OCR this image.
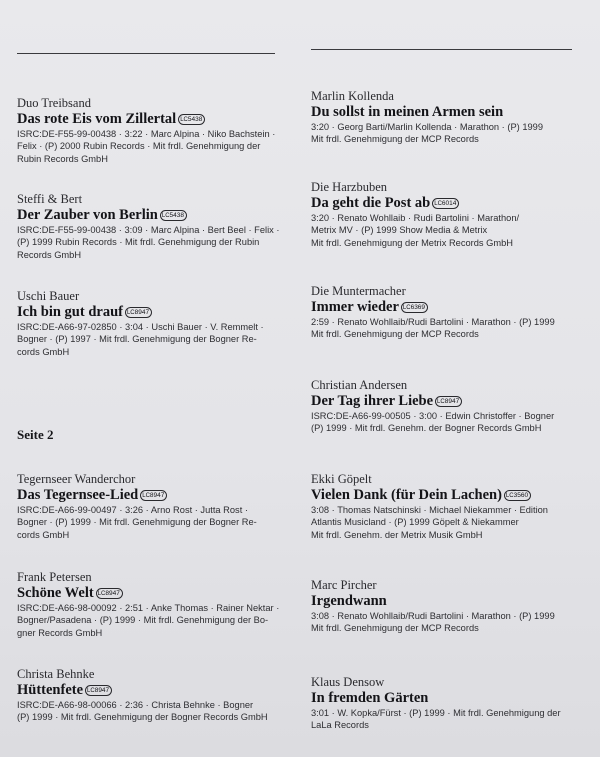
Duo Treibsand
Das rote Eis vom Zillertal LC5438
ISRC:DE-F55-99-00438 · 3:22 · Marc Alpina · Niko Bachstein ·
Felix · (P) 2000 Rubin Records · Mit frdl. Genehmigung der
Rubin Records GmbH
Steffi & Bert
Der Zauber von Berlin LC5438
ISRC:DE-F55-99-00438 · 3:09 · Marc Alpina · Bert Beel · Felix ·
(P) 1999 Rubin Records · Mit frdl. Genehmigung der Rubin
Records GmbH
Uschi Bauer
Ich bin gut drauf LC8947
ISRC:DE-A66-97-02850 · 3:04 · Uschi Bauer · V. Remmelt ·
Bogner · (P) 1997 · Mit frdl. Genehmigung der Bogner Re-
cords GmbH
Tegernseer Wanderchor
Das Tegernsee-Lied LC8947
ISRC:DE-A66-99-00497 · 3:26 · Arno Rost · Jutta Rost ·
Bogner · (P) 1999 · Mit frdl. Genehmigung der Bogner Re-
cords GmbH
Frank Petersen
Schöne Welt LC8947
ISRC:DE-A66-98-00092 · 2:51 · Anke Thomas · Rainer Nektar ·
Bogner/Pasadena · (P) 1999 · Mit frdl. Genehmigung der Bo-
gner Records GmbH
Christa Behnke
Hüttenfete LC8947
ISRC:DE-A66-98-00066 · 2:36 · Christa Behnke · Bogner
(P) 1999 · Mit frdl. Genehmigung der Bogner Records GmbH
Marlin Kollenda
Du sollst in meinen Armen sein
3:20 · Georg Barti/Marlin Kollenda · Marathon · (P) 1999
Mit frdl. Genehmigung der MCP Records
Die Harzbuben
Da geht die Post ab LC6014
3:20 · Renato Wohllaib · Rudi Bartolini · Marathon/
Metrix MV · (P) 1999 Show Media & Metrix
Mit frdl. Genehmigung der Metrix Records GmbH
Die Muntermacher
Immer wieder LC6369
2:59 · Renato Wohllaib/Rudi Bartolini · Marathon · (P) 1999
Mit frdl. Genehmigung der MCP Records
Christian Andersen
Der Tag ihrer Liebe LC8947
ISRC:DE-A66-99-00505 · 3:00 · Edwin Christoffer · Bogner
(P) 1999 · Mit frdl. Genehm. der Bogner Records GmbH
Ekki Göpelt
Vielen Dank (für Dein Lachen) LC3560
3:08 · Thomas Natschinski · Michael Niekammer · Edition
Atlantis Musicland · (P) 1999 Göpelt & Niekammer
Mit frdl. Genehm. der Metrix Musik GmbH
Marc Pircher
Irgendwann
3:08 · Renato Wohllaib/Rudi Bartolini · Marathon · (P) 1999
Mit frdl. Genehmigung der MCP Records
Klaus Densow
In fremden Gärten
3:01 · W. Kopka/Fürst · (P) 1999 · Mit frdl. Genehmigung der
LaLa Records
Seite 2
